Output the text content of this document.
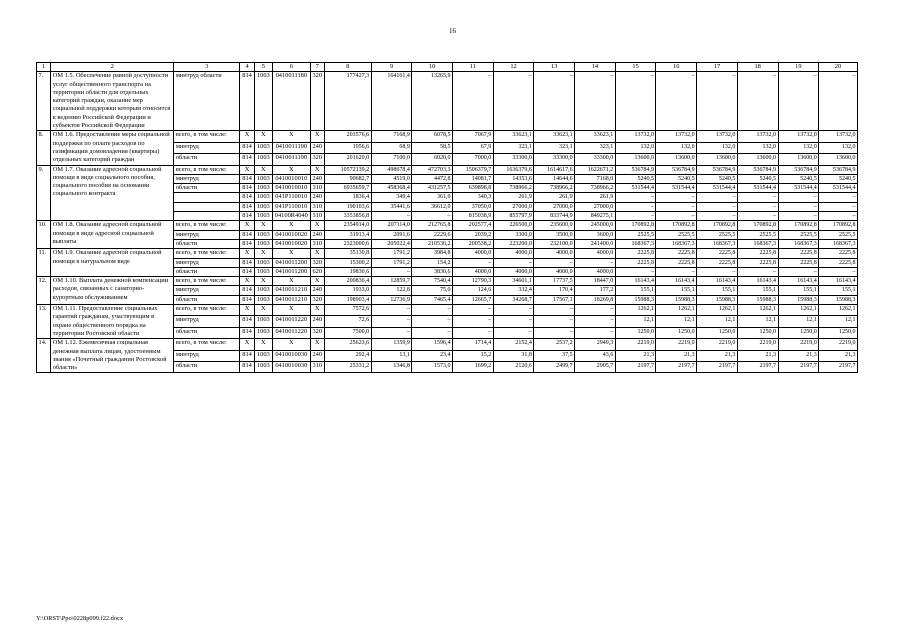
16
1	2	3	4	5	6	7	8	9	10	11	12	13	14	15	16	17	18	19	20
7.	ОМ 1.5. Обеспечение равной доступности услуг общественного транспорта на территории области для отдельных категорий граждан, оказание мер социальной поддержки которым относится к ведению Российской Федерации и субъектов Российской Федерации	минтруд области	814	1003	0410011180	320	177427,3	164161,4	13265,9	–	–	–	–	–	–	–	–	–	–
8.	ОМ 1.6. Предоставление меры социальной поддержки по оплате расходов по газификации домовладения (квартиры) отдельных категорий граждан	всего, в том числе:	Х	Х	Х	Х	203576,6	7168,9	6078,5	7067,9	33623,1	33623,1	33623,1	13732,0	13732,0	13732,0	13732,0	13732,0	13732,0
		минтруд	814	1003	0410011190	240	1956,6	68,9	58,5	67,9	323,1	323,1	323,1	132,0	132,0	132,0	132,0	132,0	132,0
		области	814	1003	0410011190	320	201620,0	7100,0	6020,0	7000,0	33300,0	33300,0	33300,0	13600,0	13600,0	13600,0	13600,0	13600,0	13600,0
9.	ОМ 1.7. Оказание адресной социальной помощи в виде социального пособия, социального пособия на основании социального контракта	всего, в том числе:	Х	Х	Х	Х	10572139,2	498678,4	472703,3	1506379,7	1636379,6	1614617,6	1622671,2	536784,9	536784,9	536784,9	536784,9	536784,9	536784,9
		минтруд	814	1003	0410010010	240	90682,7	4519,0	4472,8	14081,7	14353,6	14644,6	7168,0	5240,5	5240,5	5240,5	5240,5	5240,5	5240,5
		области	814	1003	0410010010	310	6935659,7	458368,4	431257,5	639898,8	738966,2	738966,2	738966,2	531544,4	531544,4	531544,4	531544,4	531544,4	531544,4
			814	1003	041P110010	240	1836,4	349,4	361,0	340,3	261,9	261,9	261,9	–	–	–	–	–	–
			814	1003	041P110010	310	190103,6	35441,6	36612,0	37050,0	27000,0	27000,0	27000,0	–	–	–	–	–	–
			814	1003	04100R4040	310	3353856,8	–	–	815038,9	855797,9	833744,9	849275,1	–	–	–	–	–	–
10.	ОМ 1.8. Оказание адресной социальной помощи в виде адресной социальной выплаты	всего, в том числе:	Х	Х	Х	Х	2354914,0	207114,0	212765,8	202577,4	226500,0	235600,0	245000,0	170892,8	170892,8	170892,8	170892,8	170892,8	170892,8
		минтруд	814	1003	0410010020	240	31913,4	2091,6	2229,6	2039,2	3300,0	3500,0	3600,0	2525,5	2525,5	2525,5	2525,5	2525,5	2525,5
		области	814	1003	0410010020	310	2323000,6	205022,4	210536,2	200538,2	223200,0	232100,0	241400,0	168367,3	168367,3	168367,3	168367,3	168367,3	168367,3
11.	ОМ 1.9. Оказание адресной социальной помощи в натуральном виде	всего, в том числе:	Х	Х	Х	Х	35130,8	1791,2	3984,8	4000,0	4000,0	4000,0	4000,0	2225,8	2225,8	2225,8	2225,8	2225,8	2225,8
		минтруд	814	1003	0410011200	320	15300,2	1791,2	154,2	–	–	–	–	2225,8	2225,8	2225,8	2225,8	2225,8	2225,8
		области	814	1003	0410011200	620	19830,6	–	3830,6	4000,0	4000,0	4000,0	4000,0	–	–	–	–	–	–
12.	ОМ 1.10. Выплата денежной компенсации расходов, связанных с санаторно-курортным обслуживанием	всего, в том числе:	Х	Х	Х	Х	200836,4	12859,7	7540,4	12790,3	34601,1	17737,5	18447,0	16143,4	16143,4	16143,4	16143,4	16143,4	16143,4
		минтруд	814	1003	0410011210	240	1933,0	122,8	75,0	124,6	332,4	170,4	177,2	155,1	155,1	155,1	155,1	155,1	155,1
		области	814	1003	0410011210	320	198903,4	12736,9	7465,4	12665,7	34268,7	17567,1	18269,8	15988,3	15988,3	15988,3	15988,3	15988,3	15988,3
13.	ОМ 1.11. Предоставление социальных гарантий гражданам, участвующим в охране общественного порядка на территории Ростовской области	всего, в том числе:	Х	Х	Х	Х	7572,6	–	–	–	–	–	–	1262,1	1262,1	1262,1	1262,1	1262,1	1262,1
		минтруд	814	1003	0410011220	240	72,6	–	–	–	–	–	–	12,1	12,1	12,1	12,1	12,1	12,1
		области	814	1003	0410011220	320	7500,0	–	–	–	–	–	–	1250,0	1250,0	1250,0	1250,0	1250,0	1250,0
14.	ОМ 1.12. Ежемесячная социальная денежная выплата лицам, удостоенным звания «Почетный гражданин Ростовской области»	всего, в том числе:	Х	Х	Х	Х	25623,6	1359,9	1596,4	1714,4	2152,4	2537,2	2949,3	2219,0	2219,0	2219,0	2219,0	2219,0	2219,0
		минтруд	814	1003	0410010030	240	292,4	13,1	23,4	15,2	31,8	37,5	43,6	21,3	21,3	21,3	21,3	21,3	21,3
		области	814	1003	0410010030	310	25331,2	1346,8	1573,0	1699,2	2120,6	2499,7	2905,7	2197,7	2197,7	2197,7	2197,7	2197,7	2197,7
Y:\ORST\Ppo\0228p099.f22.docx
